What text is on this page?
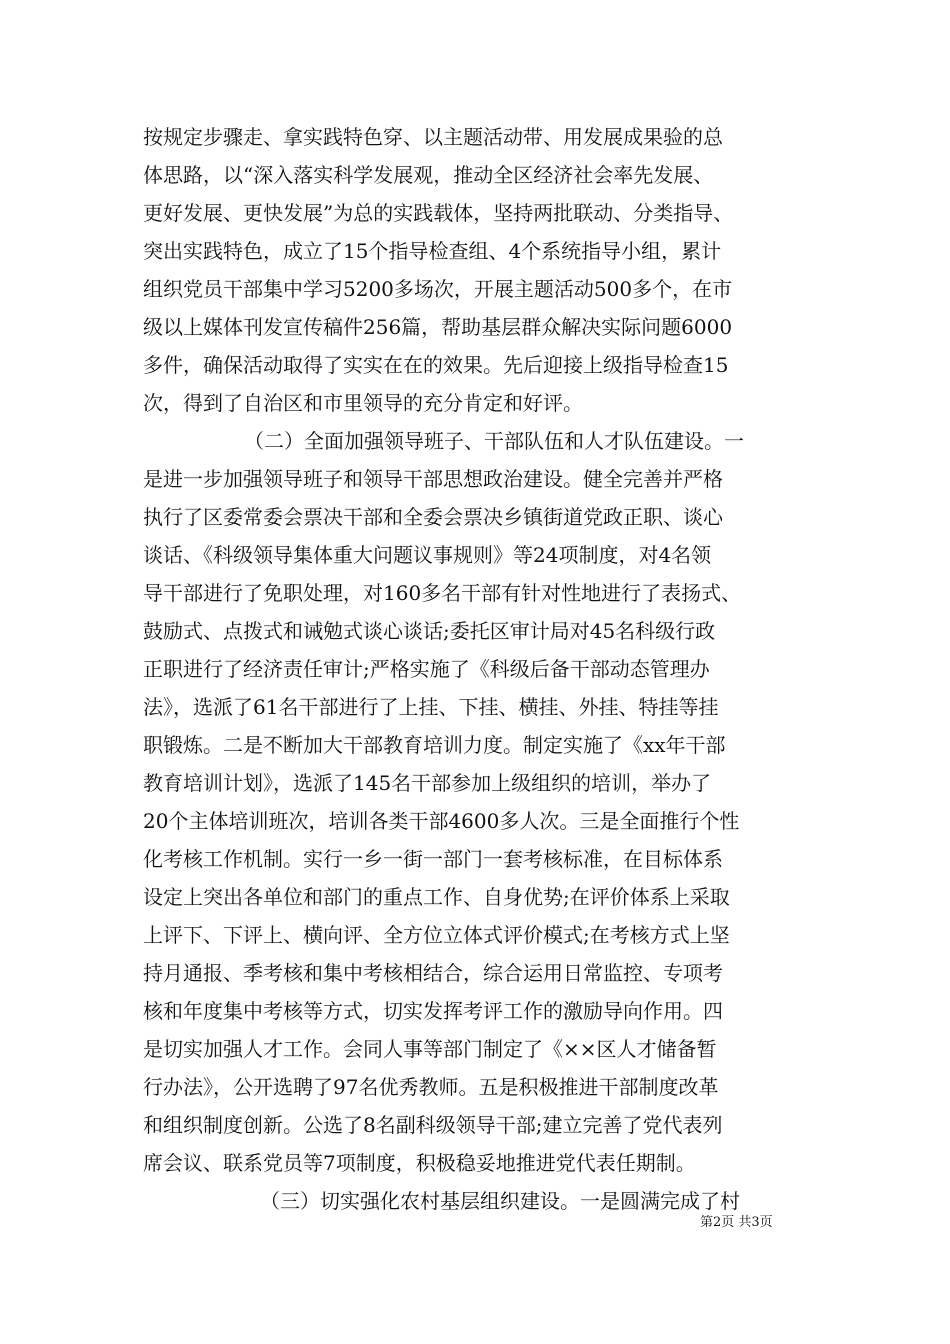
按规定步骤走、拿实践特色穿、以主题活动带、用发展成果验的总
体思路，以“深入落实科学发展观，推动全区经济社会率先发展、
更好发展、更快发展”为总的实践载体，坚持两批联动、分类指导、
突出实践特色，成立了15个指导检查组、4个系统指导小组，累计
组织党员干部集中学习5200多场次，开展主题活动500多个，在市
级以上媒体刊发宣传稿件256篇，帮助基层群众解决实际问题6000
多件，确保活动取得了实实在在的效果。先后迎接上级指导检查15
次，得到了自治区和市里领导的充分肯定和好评。
（二）全面加强领导班子、干部队伍和人才队伍建设。一
是进一步加强领导班子和领导干部思想政治建设。健全完善并严格
执行了区委常委会票决干部和全委会票决乡镇街道党政正职、谈心
谈话、《科级领导集体重大问题议事规则》等24项制度，对4名领
导干部进行了免职处理，对160多名干部有针对性地进行了表扬式、
鼓励式、点拨式和诫勉式谈心谈话;委托区审计局对45名科级行政
正职进行了经济责任审计;严格实施了《科级后备干部动态管理办
法》，选派了61名干部进行了上挂、下挂、横挂、外挂、特挂等挂
职锻炼。二是不断加大干部教育培训力度。制定实施了《xx年干部
教育培训计划》，选派了145名干部参加上级组织的培训，举办了
20个主体培训班次，培训各类干部4600多人次。三是全面推行个性
化考核工作机制。实行一乡一街一部门一套考核标准，在目标体系
设定上突出各单位和部门的重点工作、自身优势;在评价体系上采取
上评下、下评上、横向评、全方位立体式评价模式;在考核方式上坚
持月通报、季考核和集中考核相结合，综合运用日常监控、专项考
核和年度集中考核等方式，切实发挥考评工作的激励导向作用。四
是切实加强人才工作。会同人事等部门制定了《××区人才储备暂
行办法》，公开选聘了97名优秀教师。五是积极推进干部制度改革
和组织制度创新。公选了8名副科级领导干部;建立完善了党代表列
席会议、联系党员等7项制度，积极稳妥地推进党代表任期制。
（三）切实强化农村基层组织建设。一是圆满完成了村
第2页 共3页
